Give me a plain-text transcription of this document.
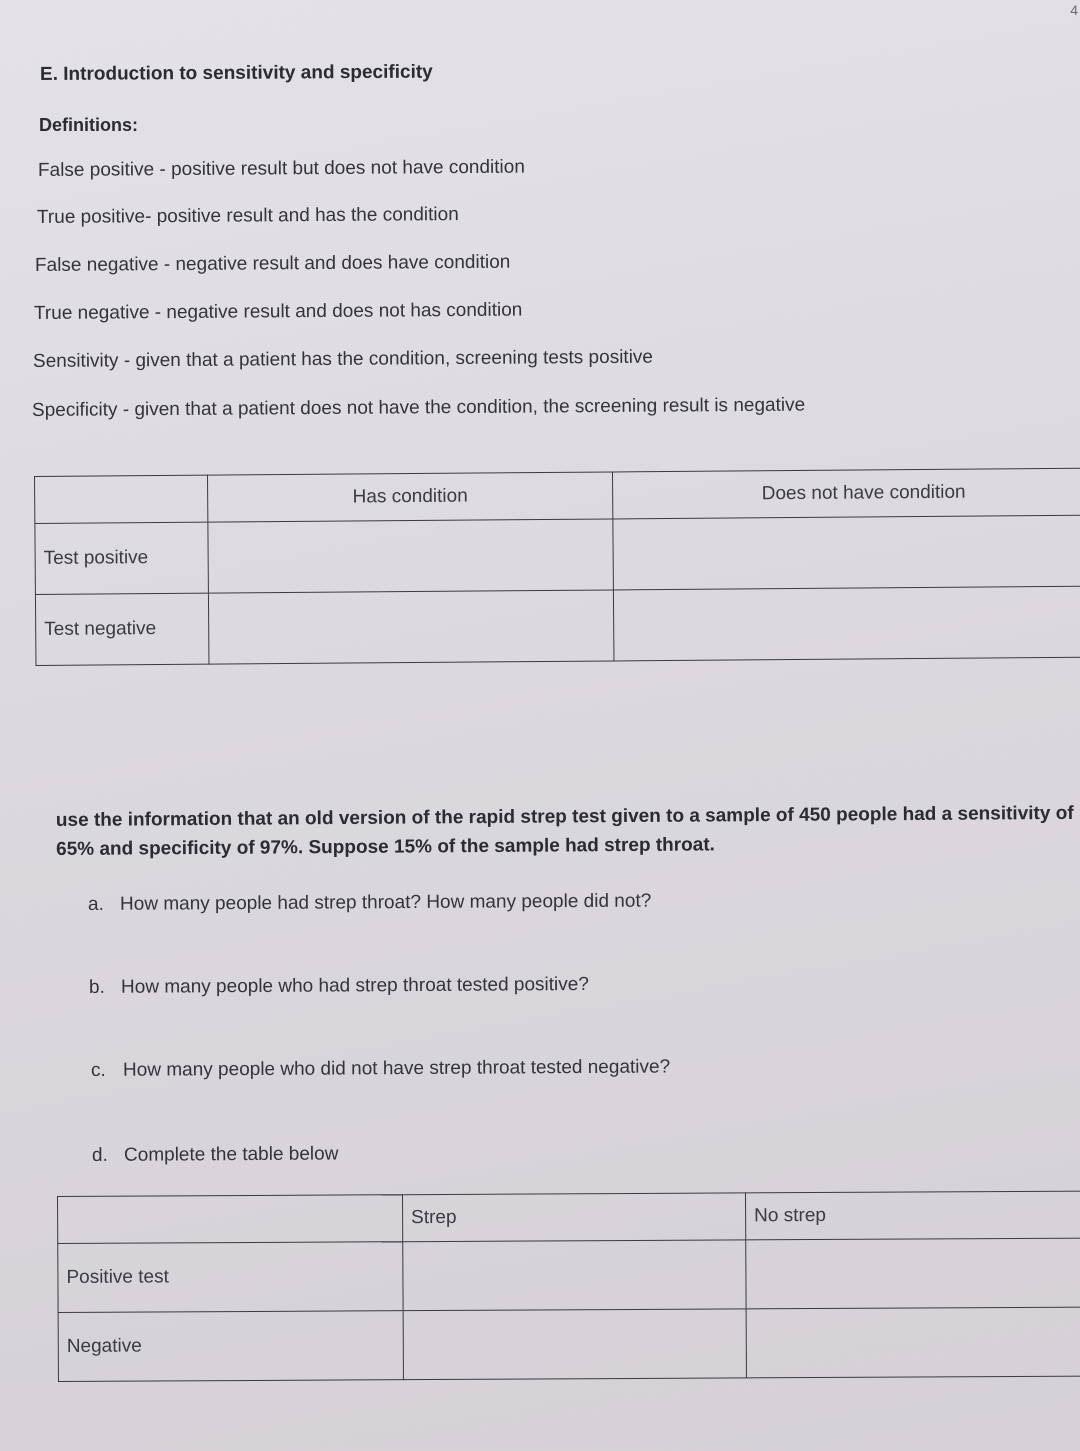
4
E. Introduction to sensitivity and specificity
Definitions:
False positive - positive result but does not have condition
True positive- positive result and has the condition
False negative - negative result and does have condition
True negative - negative result and does not has condition
Sensitivity - given that a patient has the condition, screening tests positive
Specificity - given that a patient does not have the condition, the screening result is negative
	Has condition	Does not have condition
Test positive		
Test negative		
use the information that an old version of the rapid strep test given to a sample of 450 people had a sensitivity of 65% and specificity of 97%. Suppose 15% of the sample had strep throat.
a. How many people had strep throat? How many people did not?
b. How many people who had strep throat tested positive?
c. How many people who did not have strep throat tested negative?
d. Complete the table below
	Strep	No strep
Positive test		
Negative		
